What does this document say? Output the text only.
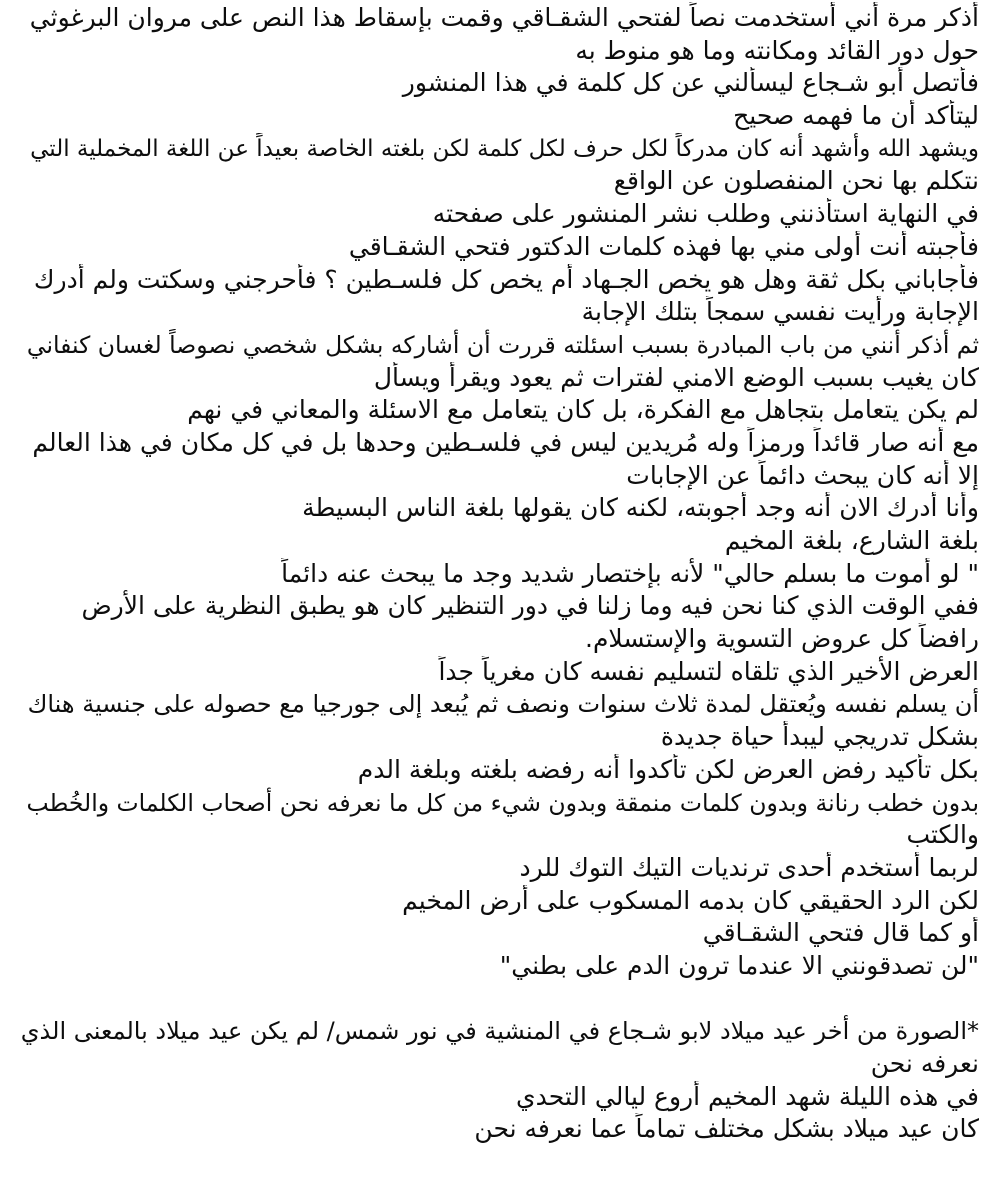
أذكر مرة أني أستخدمت نصاً لفتحي الشقـاقي وقمت بإسقاط هذا النص على مروان البرغوثي
حول دور القائد ومكانته وما هو منوط به
فأتصل أبو شـجاع ليسألني عن كل كلمة في هذا المنشور
ليتأكد أن ما فهمه صحيح
ويشهد الله وأشهد أنه كان مدركاً لكل حرف لكل كلمة لكن بلغته الخاصة بعيداً عن اللغة المخملية التي
نتكلم بها نحن المنفصلون عن الواقع
في النهاية استأذنني وطلب نشر المنشور على صفحته
فأجبته أنت أولى مني بها فهذه كلمات الدكتور فتحي الشقـاقي
فأجاباني بكل ثقة وهل هو يخص الجـهاد أم يخص كل فلسـطين ؟ فأحرجني وسكتت ولم أدرك
الإجابة ورأيت نفسي سمجاً بتلك الإجابة
ثم أذكر أنني من باب المبادرة بسبب اسئلته قررت أن أشاركه بشكل شخصي نصوصاً لغسان كنفاني
كان يغيب بسبب الوضع الامني لفترات ثم يعود ويقرأ ويسأل
لم يكن يتعامل بتجاهل مع الفكرة، بل كان يتعامل مع الاسئلة والمعاني في نهم
مع أنه صار قائداً ورمزاً وله مُريدين ليس في فلسـطين وحدها بل في كل مكان في هذا العالم
إلا أنه كان يبحث دائماً عن الإجابات
وأنا أدرك الان أنه وجد أجوبته، لكنه كان يقولها بلغة الناس البسيطة
بلغة الشارع، بلغة المخيم
" لو أموت ما بسلم حالي" لأنه بإختصار شديد وجد ما يبحث عنه دائماً
ففي الوقت الذي كنا نحن فيه وما زلنا في دور التنظير كان هو يطبق النظرية على الأرض
رافضاً كل عروض التسوية والإستسلام.
العرض الأخير الذي تلقاه لتسليم نفسه كان مغرياً جداً
أن يسلم نفسه ويُعتقل لمدة ثلاث سنوات ونصف ثم يُبعد إلى جورجيا مع حصوله على جنسية هناك
بشكل تدريجي ليبدأ حياة جديدة
بكل تأكيد رفض العرض لكن تأكدوا أنه رفضه بلغته وبلغة الدم
بدون خطب رنانة وبدون كلمات منمقة وبدون شيء من كل ما نعرفه نحن أصحاب الكلمات والخُطب
والكتب
لربما أستخدم أحدى ترنديات التيك التوك للرد
لكن الرد الحقيقي كان بدمه المسكوب على أرض المخيم
أو كما قال فتحي الشقـاقي
"لن تصدقونني الا عندما ترون الدم على بطني"
*الصورة من أخر عيد ميلاد لابو شـجاع في المنشية في نور شمس/ لم يكن عيد ميلاد بالمعنى الذي
نعرفه نحن
في هذه الليلة شهد المخيم أروع ليالي التحدي
كان عيد ميلاد بشكل مختلف تماماً عما نعرفه نحن
